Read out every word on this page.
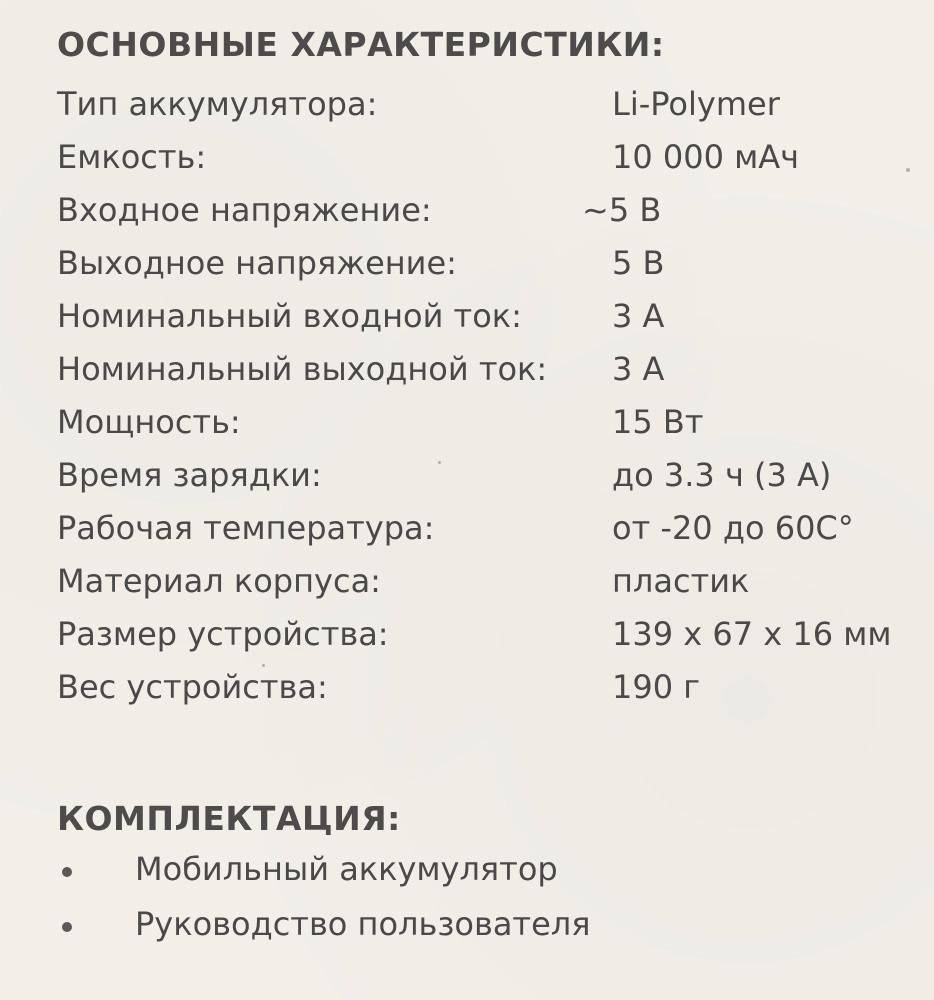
ОСНОВНЫЕ ХАРАКТЕРИСТИКИ:
Тип аккумулятора:	Li-Polymer
Емкость:	10 000 мАч
Входное напряжение:	~5 В
Выходное напряжение:	5 В
Номинальный входной ток:	3 А
Номинальный выходной ток: 3 А
Мощность:	15 Вт
Время зарядки:	до 3.3 ч (3 А)
Рабочая температура:	от -20 до 60С°
Материал корпуса:	пластик
Размер устройства:	139 х 67 х 16 мм
Вес устройства:	190 г
КОМПЛЕКТАЦИЯ:
Мобильный аккумулятор
Руководство пользователя
